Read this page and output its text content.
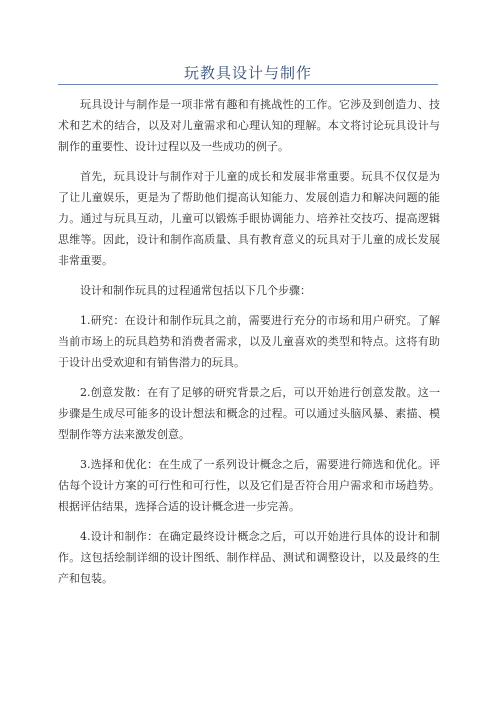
玩教具设计与制作

玩具设计与制作是一项非常有趣和有挑战性的工作。它涉及到创造力、技术和艺术的结合，以及对儿童需求和心理认知的理解。本文将讨论玩具设计与制作的重要性、设计过程以及一些成功的例子。

首先，玩具设计与制作对于儿童的成长和发展非常重要。玩具不仅仅是为了让儿童娱乐，更是为了帮助他们提高认知能力、发展创造力和解决问题的能力。通过与玩具互动，儿童可以锻炼手眼协调能力、培养社交技巧、提高逻辑思维等。因此，设计和制作高质量、具有教育意义的玩具对于儿童的成长发展非常重要。

设计和制作玩具的过程通常包括以下几个步骤：

1.研究：在设计和制作玩具之前，需要进行充分的市场和用户研究。了解当前市场上的玩具趋势和消费者需求，以及儿童喜欢的类型和特点。这将有助于设计出受欢迎和有销售潜力的玩具。

2.创意发散：在有了足够的研究背景之后，可以开始进行创意发散。这一步骤是生成尽可能多的设计想法和概念的过程。可以通过头脑风暴、素描、模型制作等方法来激发创意。

3.选择和优化：在生成了一系列设计概念之后，需要进行筛选和优化。评估每个设计方案的可行性和可行性，以及它们是否符合用户需求和市场趋势。根据评估结果，选择合适的设计概念进一步完善。

4.设计和制作：在确定最终设计概念之后，可以开始进行具体的设计和制作。这包括绘制详细的设计图纸、制作样品、测试和调整设计，以及最终的生产和包装。
